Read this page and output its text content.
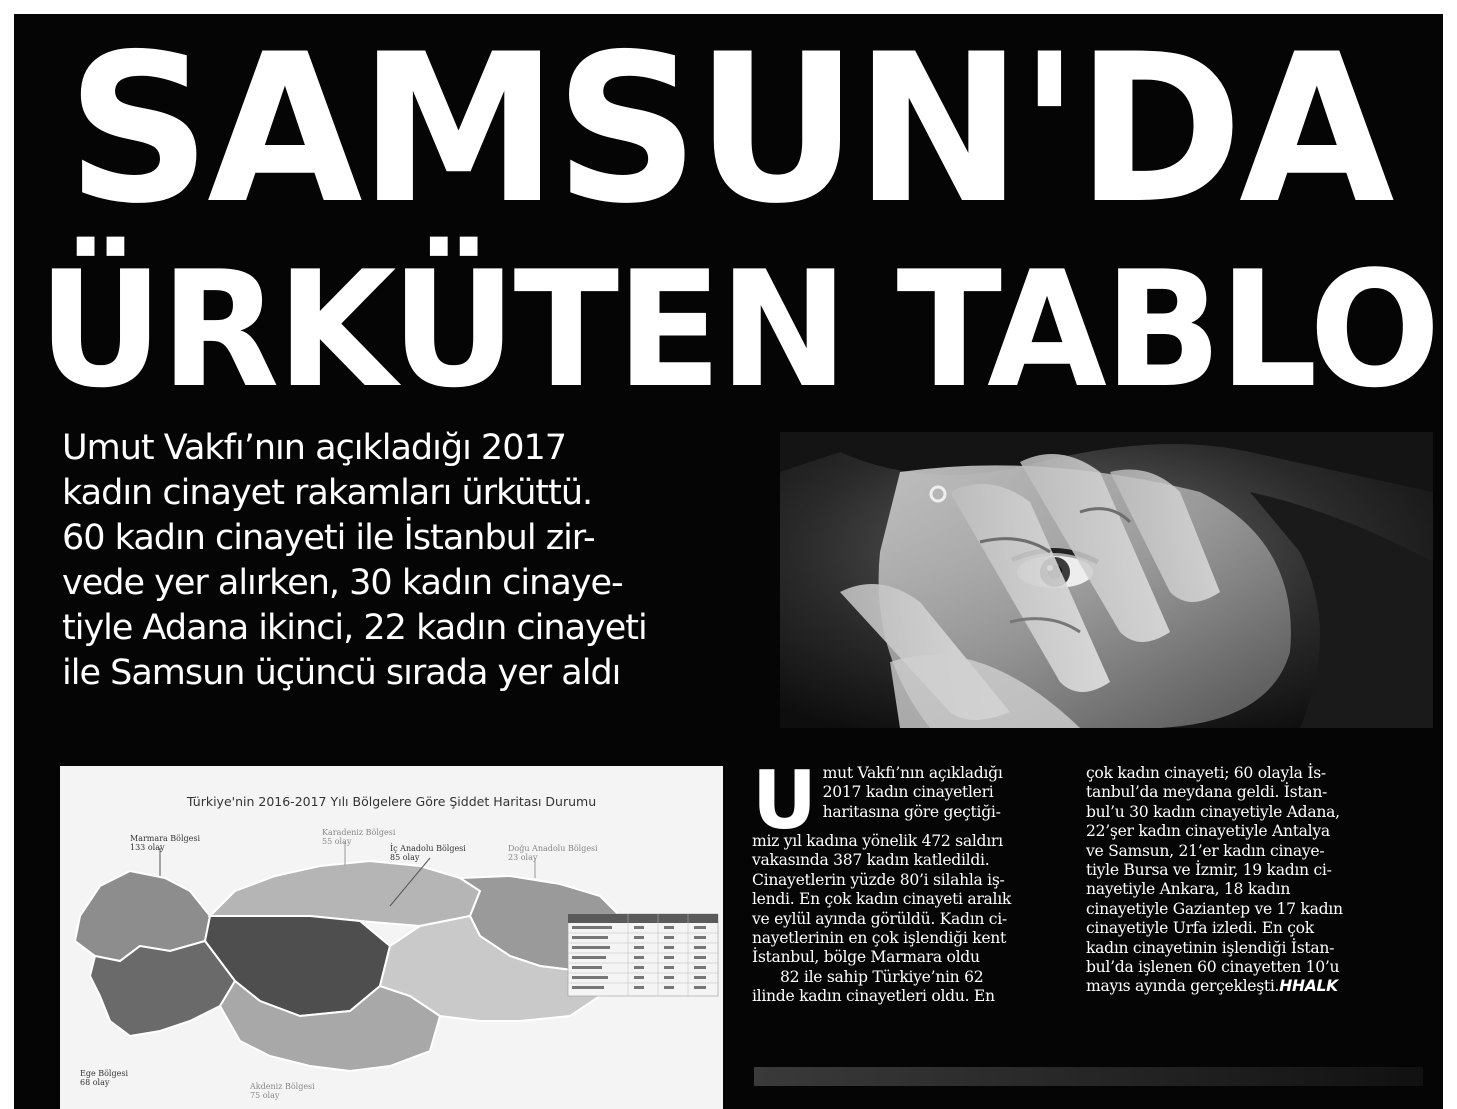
SAMSUN'DA
ÜRKÜTEN TABLO
Umut Vakfı’nın açıkladığı 2017
kadın cinayet rakamları ürküttü.
60 kadın cinayeti ile İstanbul zir-
vede yer alırken, 30 kadın cinaye-
tiyle Adana ikinci, 22 kadın cinayeti
ile Samsun üçüncü sırada yer aldı
Türkiye'nin 2016-2017 Yılı Bölgelere Göre Şiddet Haritası Durumu
Marmara Bölgesi
133 olay
Karadeniz Bölgesi
55 olay
İç Anadolu Bölgesi
85 olay
Doğu Anadolu Bölgesi
23 olay
Ege Bölgesi
68 olay	Akdeniz Bölgesi
75 olay
U mut Vakfı’nın açıkladığı
2017 kadın cinayetleri
haritasına göre geçtiği-
miz yıl kadına yönelik 472 saldırı
vakasında 387 kadın katledildi.
Cinayetlerin yüzde 80’i silahla iş-
lendi. En çok kadın cinayeti aralık
ve eylül ayında görüldü. Kadın ci-
nayetlerinin en çok işlendiği kent
İstanbul, bölge Marmara oldu
82 ile sahip Türkiye’nin 62
ilinde kadın cinayetleri oldu. En
çok kadın cinayeti; 60 olayla İs-
tanbul’da meydana geldi. İstan-
bul’u 30 kadın cinayetiyle Adana,
22’şer kadın cinayetiyle Antalya
ve Samsun, 21’er kadın cinaye-
tiyle Bursa ve İzmir, 19 kadın ci-
nayetiyle Ankara, 18 kadın
cinayetiyle Gaziantep ve 17 kadın
cinayetiyle Urfa izledi. En çok
kadın cinayetinin işlendiği İstan-
bul’da işlenen 60 cinayetten 10’u
mayıs ayında gerçekleşti.HHALK
